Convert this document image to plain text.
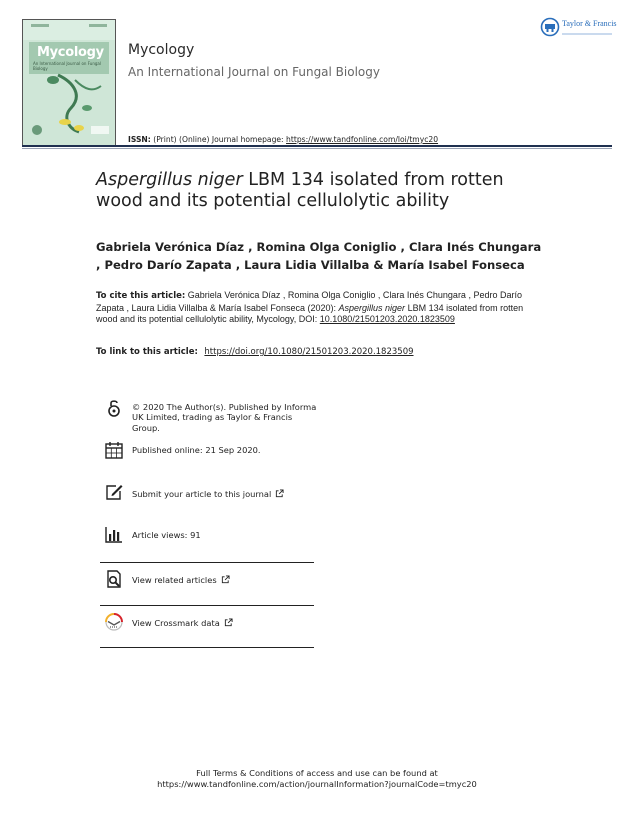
Mycology
An International Journal on Fungal Biology
Mycology
An International Journal on Fungal Biology
ISSN: (Print) (Online) Journal homepage: https://www.tandfonline.com/loi/tmyc20
Taylor & Francis
Aspergillus niger LBM 134 isolated from rotten wood and its potential cellulolytic ability
Gabriela Verónica Díaz , Romina Olga Coniglio , Clara Inés Chungara , Pedro Darío Zapata , Laura Lidia Villalba & María Isabel Fonseca
To cite this article: Gabriela Verónica Díaz , Romina Olga Coniglio , Clara Inés Chungara , Pedro Darío Zapata , Laura Lidia Villalba & María Isabel Fonseca (2020): Aspergillus niger LBM 134 isolated from rotten wood and its potential cellulolytic ability, Mycology, DOI: 10.1080/21501203.2020.1823509
To link to this article: https://doi.org/10.1080/21501203.2020.1823509
© 2020 The Author(s). Published by Informa UK Limited, trading as Taylor & Francis Group.
Published online: 21 Sep 2020.
Submit your article to this journal
Article views: 91
View related articles
View Crossmark data
Full Terms & Conditions of access and use can be found at
https://www.tandfonline.com/action/journalInformation?journalCode=tmyc20
